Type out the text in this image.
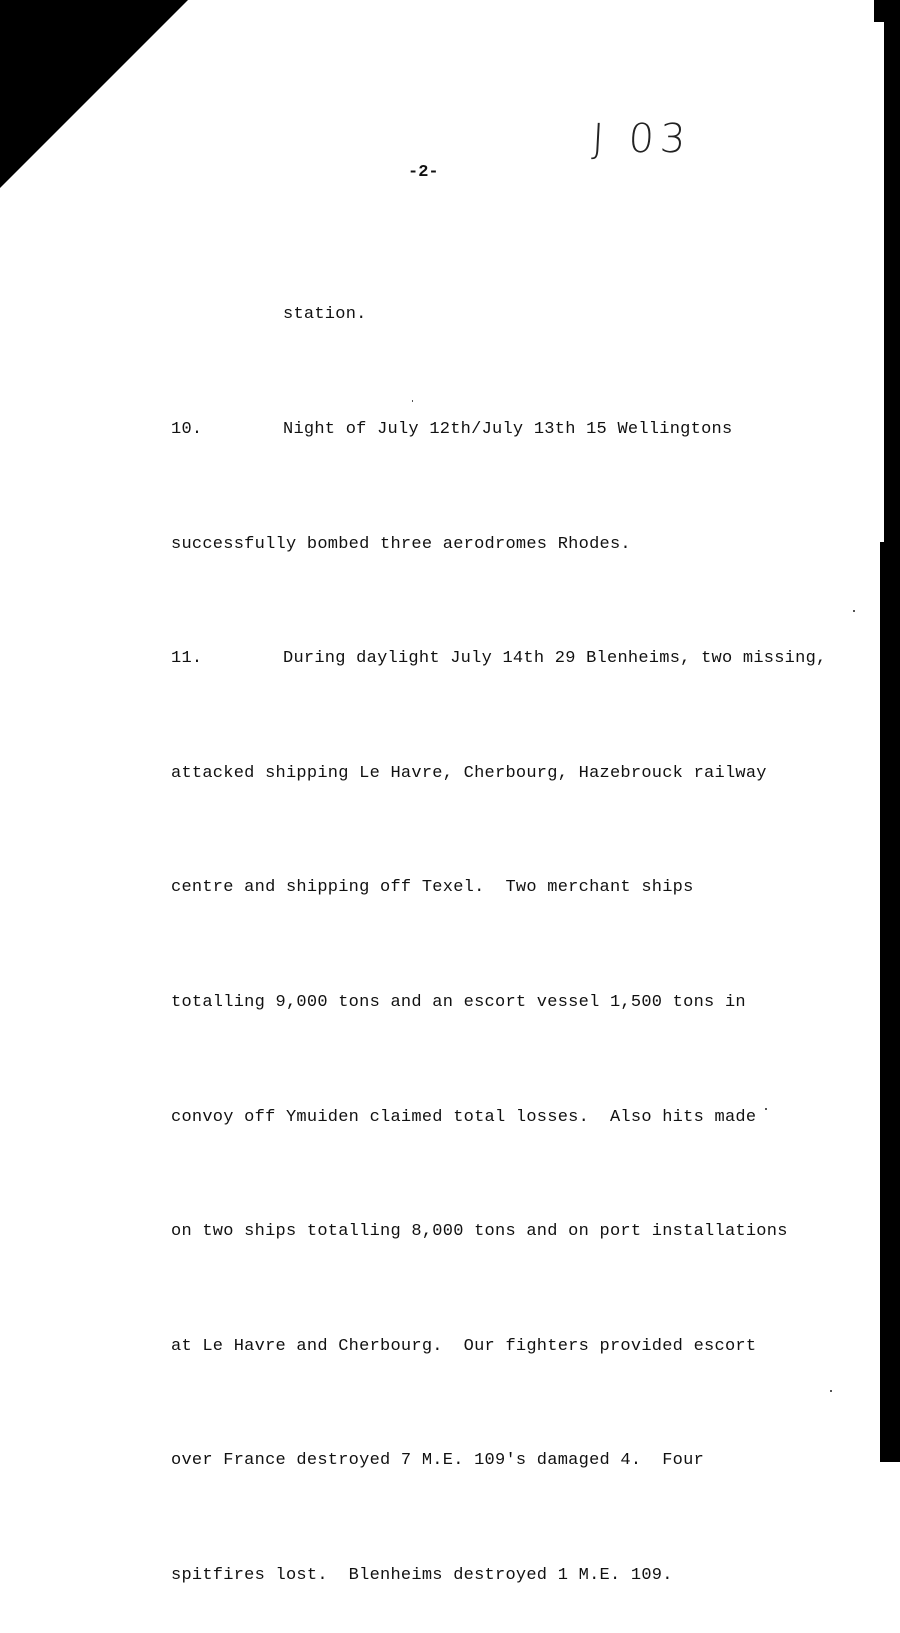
J 03
-2-

station.

10.	Night of July 12th/July 13th 15 Wellingtons

successfully bombed three aerodromes Rhodes.

11.	During daylight July 14th 29 Blenheims, two missing,

attacked shipping Le Havre, Cherbourg, Hazebrouck railway

centre and shipping off Texel.  Two merchant ships

totalling 9,000 tons and an escort vessel 1,500 tons in

convoy off Ymuiden claimed total losses.  Also hits made

on two ships totalling 8,000 tons and on port installations

at Le Havre and Cherbourg.  Our fighters provided escort

over France destroyed 7 M.E. 109's damaged 4.  Four

spitfires lost.  Blenheims destroyed 1 M.E. 109.
